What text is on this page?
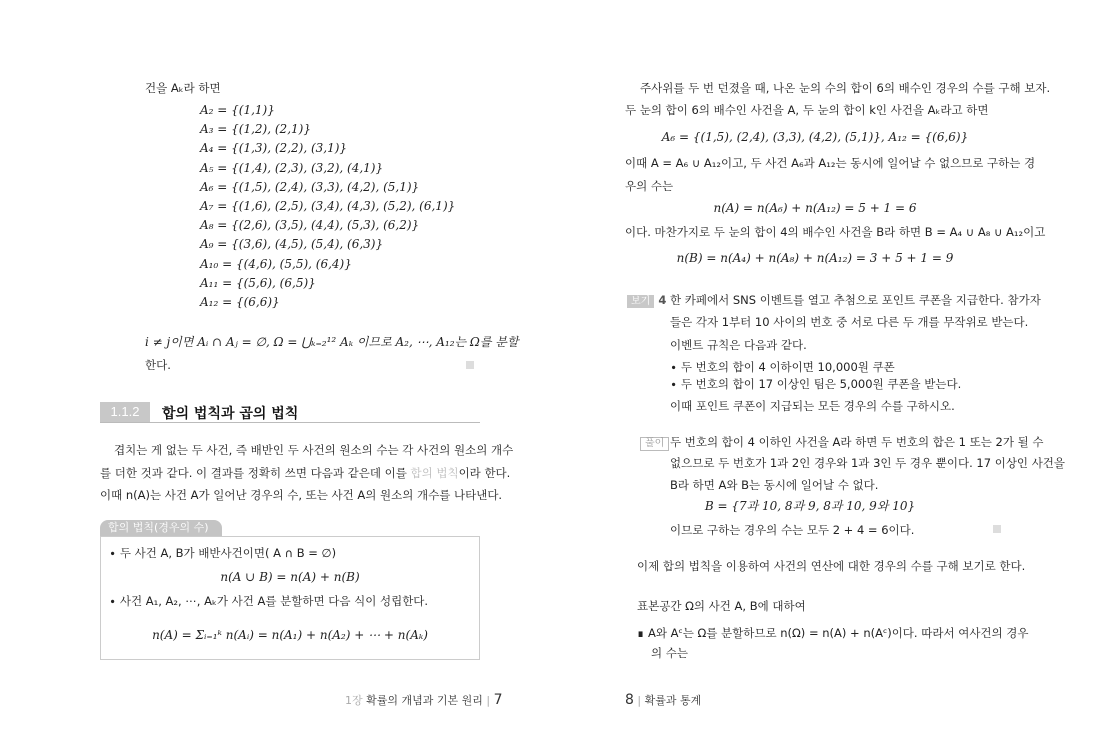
건을 Aₖ라 하면
A₂ = {(1,1)}
A₃ = {(1,2), (2,1)}
A₄ = {(1,3), (2,2), (3,1)}
A₅ = {(1,4), (2,3), (3,2), (4,1)}
A₆ = {(1,5), (2,4), (3,3), (4,2), (5,1)}
A₇ = {(1,6), (2,5), (3,4), (4,3), (5,2), (6,1)}
A₈ = {(2,6), (3,5), (4,4), (5,3), (6,2)}
A₉ = {(3,6), (4,5), (5,4), (6,3)}
A₁₀ = {(4,6), (5,5), (6,4)}
A₁₁ = {(5,6), (6,5)}
A₁₂ = {(6,6)}
i ≠ j이면 Aᵢ ∩ Aⱼ = ∅, Ω = ⋃ₖ₌₂¹² Aₖ 이므로 A₂, ⋯, A₁₂는 Ω를 분할
한다.
1.1.2	합의 법칙과 곱의 법칙
겹치는 게 없는 두 사건, 즉 배반인 두 사건의 원소의 수는 각 사건의 원소의 개수
를 더한 것과 같다. 이 결과를 정확히 쓰면 다음과 같은데 이를 합의 법칙이라 한다.
이때 n(A)는 사건 A가 일어난 경우의 수, 또는 사건 A의 원소의 개수를 나타낸다.
합의 법칙(경우의 수)
∙ 두 사건 A, B가 배반사건이면( A ∩ B = ∅)
n(A ∪ B) = n(A) + n(B)
∙ 사건 A₁, A₂, ⋯, Aₖ가 사건 A를 분할하면 다음 식이 성립한다.
n(A) = Σᵢ₌₁ᵏ n(Aᵢ) = n(A₁) + n(A₂) + ⋯ + n(Aₖ)
1장 확률의 개념과 기본 원리 | 7
주사위를 두 번 던졌을 때, 나온 눈의 수의 합이 6의 배수인 경우의 수를 구해 보자.
두 눈의 합이 6의 배수인 사건을 A, 두 눈의 합이 k인 사건을 Aₖ라고 하면
A₆ = {(1,5), (2,4), (3,3), (4,2), (5,1)}, A₁₂ = {(6,6)}
이때 A = A₆ ∪ A₁₂이고, 두 사건 A₆과 A₁₂는 동시에 일어날 수 없으므로 구하는 경
우의 수는
n(A) = n(A₆) + n(A₁₂) = 5 + 1 = 6
이다. 마찬가지로 두 눈의 합이 4의 배수인 사건을 B라 하면 B = A₄ ∪ A₈ ∪ A₁₂이고
n(B) = n(A₄) + n(A₈) + n(A₁₂) = 3 + 5 + 1 = 9
보기 4 한 카페에서 SNS 이벤트를 열고 추첨으로 포인트 쿠폰을 지급한다. 참가자
들은 각자 1부터 10 사이의 번호 중 서로 다른 두 개를 무작위로 받는다.
이벤트 규칙은 다음과 같다.
∙ 두 번호의 합이 4 이하이면 10,000원 쿠폰
∙ 두 번호의 합이 17 이상인 팀은 5,000원 쿠폰을 받는다.
이때 포인트 쿠폰이 지급되는 모든 경우의 수를 구하시오.
풀이 두 번호의 합이 4 이하인 사건을 A라 하면 두 번호의 합은 1 또는 2가 될 수
없으므로 두 번호가 1과 2인 경우와 1과 3인 두 경우 뿐이다. 17 이상인 사건을
B라 하면 A와 B는 동시에 일어날 수 없다.
B = {7과 10, 8과 9, 8과 10, 9와 10}
이므로 구하는 경우의 수는 모두 2 + 4 = 6이다.
이제 합의 법칙을 이용하여 사건의 연산에 대한 경우의 수를 구해 보기로 한다.
표본공간 Ω의 사건 A, B에 대하여
∎ A와 Aᶜ는 Ω를 분할하므로 n(Ω) = n(A) + n(Aᶜ)이다. 따라서 여사건의 경우
의 수는
8 | 확률과 통계
